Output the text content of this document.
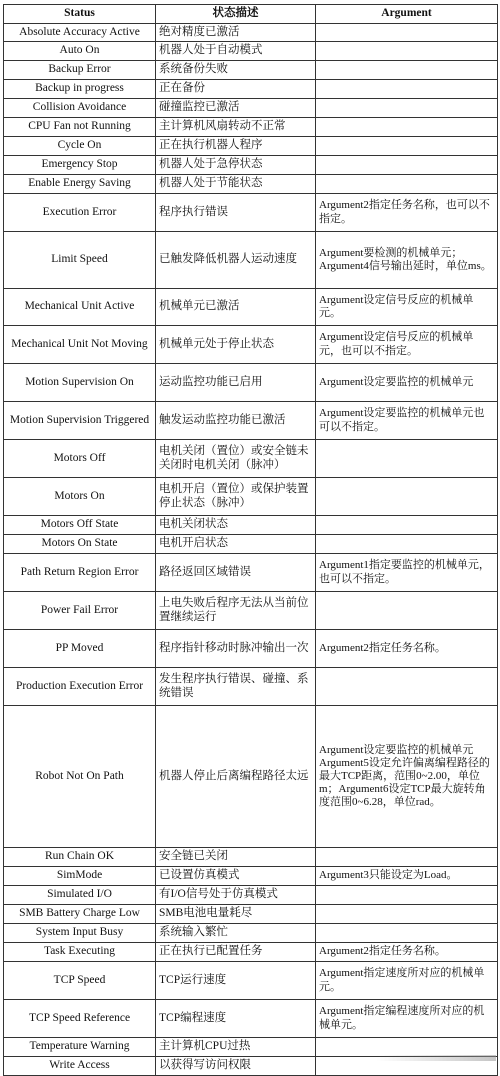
Status	状态描述	Argument
Absolute Accuracy Active	绝对精度已激活	
Auto On	机器人处于自动模式	
Backup Error	系统备份失败	
Backup in progress	正在备份	
Collision Avoidance	碰撞监控已激活	
CPU Fan not Running	主计算机风扇转动不正常	
Cycle On	正在执行机器人程序	
Emergency Stop	机器人处于急停状态	
Enable Energy Saving	机器人处于节能状态	
Execution Error	程序执行错误	Argument2指定任务名称，也可以不指定。
Limit Speed	已触发降低机器人运动速度	Argument要检测的机械单元；Argument4信号输出延时，单位ms。
Mechanical Unit Active	机械单元已激活	Argument设定信号反应的机械单元。
Mechanical Unit Not Moving	机械单元处于停止状态	Argument设定信号反应的机械单元，也可以不指定。
Motion Supervision On	运动监控功能已启用	Argument设定要监控的机械单元
Motion Supervision Triggered	触发运动监控功能已激活	Argument设定要监控的机械单元也可以不指定。
Motors Off	电机关闭（置位）或安全链未关闭时电机关闭（脉冲）	
Motors On	电机开启（置位）或保护装置停止状态（脉冲）	
Motors Off State	电机关闭状态	
Motors On State	电机开启状态	
Path Return Region Error	路径返回区域错误	Argument1指定要监控的机械单元，也可以不指定。
Power Fail Error	上电失败后程序无法从当前位置继续运行	
PP Moved	程序指针移动时脉冲输出一次	Argument2指定任务名称。
Production Execution Error	发生程序执行错误、碰撞、系统错误	
Robot Not On Path	机器人停止后离编程路径太远	Argument设定要监控的机械单元Argument5设定允许偏离编程路径的最大TCP距离，范围0~2.00，单位m；Argument6设定TCP最大旋转角度范围0~6.28，单位rad。
Run Chain OK	安全链已关闭	
SimMode	已设置仿真模式	Argument3只能设定为Load。
Simulated I/O	有I/O信号处于仿真模式	
SMB Battery Charge Low	SMB电池电量耗尽	
System Input Busy	系统输入繁忙	
Task Executing	正在执行已配置任务	Argument2指定任务名称。
TCP Speed	TCP运行速度	Argument指定速度所对应的机械单元。
TCP Speed Reference	TCP编程速度	Argument指定编程速度所对应的机械单元。
Temperature Warning	主计算机CPU过热	
Write Access	以获得写访问权限	
